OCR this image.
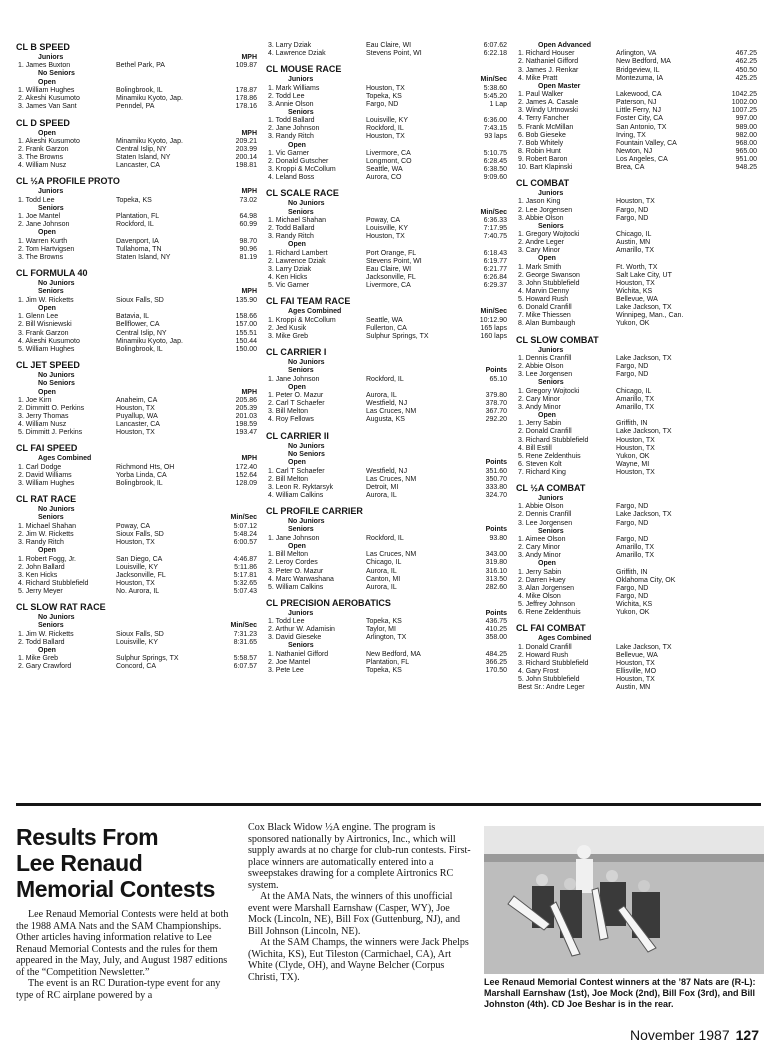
CL B SPEED
Juniors	MPH
1. James Buxton	Bethel Park, PA	109.87
No Seniors
Open
1. William Hughes	Bolingbrook, IL	178.87
2. Akeshi Kusumoto	Minamiku Kyoto, Jap.	178.86
3. James Van Sant	Penndel, PA	178.16
CL D SPEED
Open	MPH
1. Akeshi Kusumoto	Minamiku Kyoto, Jap.	209.21
2. Frank Garzon	Central Islip, NY	203.99
3. The Browns	Staten Island, NY	200.14
4. William Nusz	Lancaster, CA	198.81
CL ½A PROFILE PROTO
Juniors	MPH
1. Todd Lee	Topeka, KS	73.02
Seniors
1. Joe Mantel	Plantation, FL	64.98
2. Jane Johnson	Rockford, IL	60.99
Open
1. Warren Kurth	Davenport, IA	98.70
2. Tom Hartvigsen	Tullahoma, TN	90.96
3. The Browns	Staten Island, NY	81.19
CL FORMULA 40
No Juniors
Seniors	MPH
1. Jim W. Ricketts	Sioux Falls, SD	135.90
Open
1. Glenn Lee	Batavia, IL	158.66
2. Bill Wisniewski	Bellflower, CA	157.00
3. Frank Garzon	Central Islip, NY	155.51
4. Akeshi Kusumoto	Minamiku Kyoto, Jap.	150.44
5. William Hughes	Bolingbrook, IL	150.00
CL JET SPEED
No Juniors
No Seniors
Open	MPH
1. Joe Kirn	Anaheim, CA	205.86
2. Dimmitt O. Perkins	Houston, TX	205.39
3. Jerry Thomas	Puyallup, WA	201.03
4. William Nusz	Lancaster, CA	198.59
5. Dimmitt J. Perkins	Houston, TX	193.47
CL FAI SPEED
Ages Combined	MPH
1. Carl Dodge	Richmond Hts, OH	172.40
2. David Williams	Yorba Linda, CA	152.64
3. William Hughes	Bolingbrook, IL	128.09
CL RAT RACE
No Juniors
Seniors	Min/Sec
1. Michael Shahan	Poway, CA	5:07.12
2. Jim W. Ricketts	Sioux Falls, SD	5:48.24
3. Randy Ritch	Houston, TX	6:00.57
Open
1. Robert Fogg, Jr.	San Diego, CA	4:46.87
2. John Ballard	Louisville, KY	5:11.86
3. Ken Hicks	Jacksonville, FL	5:17.81
4. Richard Stubblefield	Houston, TX	5:32.65
5. Jerry Meyer	No. Aurora, IL	5:07.43
CL SLOW RAT RACE
No Juniors
Seniors	Min/Sec
1. Jim W. Ricketts	Sioux Falls, SD	7:31.23
2. Todd Ballard	Louisville, KY	8:31.65
Open
1. Mike Greb	Sulphur Springs, TX	5:58.57
2. Gary Crawford	Concord, CA	6:07.57
3. Larry Dziak	Eau Claire, WI	6:07.62
4. Lawrence Dziak	Stevens Point, WI	6:22.18
CL MOUSE RACE
Juniors	Min/Sec
1. Mark Williams	Houston, TX	5:38.60
2. Todd Lee	Topeka, KS	5:45.20
3. Annie Olson	Fargo, ND	1 Lap
Seniors
1. Todd Ballard	Louisville, KY	6:36.00
2. Jane Johnson	Rockford, IL	7:43.15
3. Randy Ritch	Houston, TX	93 laps
Open
1. Vic Garner	Livermore, CA	5:10.75
2. Donald Gutscher	Longmont, CO	6:28.45
3. Kroppi & McCollum	Seattle, WA	6:38.50
4. Leland Boss	Aurora, CO	9:09.60
CL SCALE RACE
No Juniors
Seniors	Min/Sec
1. Michael Shahan	Poway, CA	6:36.33
2. Todd Ballard	Louisville, KY	7:17.95
3. Randy Ritch	Houston, TX	7:40.75
Open
1. Richard Lambert	Port Orange, FL	6:18.43
2. Lawrence Dziak	Stevens Point, WI	6:19.77
3. Larry Dziak	Eau Claire, WI	6:21.77
4. Ken Hicks	Jacksonville, FL	6:26.84
5. Vic Garner	Livermore, CA	6:29.37
CL FAI TEAM RACE
Ages Combined	Min/Sec
1. Kroppi & McCollum	Seattle, WA	10:12.90
2. Jed Kusik	Fullerton, CA	165 laps
3. Mike Greb	Sulphur Springs, TX	160 laps
CL CARRIER I
No Juniors
Seniors	Points
1. Jane Johnson	Rockford, IL	65.10
Open
1. Peter O. Mazur	Aurora, IL	379.80
2. Carl T Schaefer	Westfield, NJ	378.70
3. Bill Melton	Las Cruces, NM	367.70
4. Roy Fellows	Augusta, KS	292.20
CL CARRIER II
No Juniors
No Seniors
Open	Points
1. Carl T Schaefer	Westfield, NJ	351.60
2. Bill Melton	Las Cruces, NM	350.70
3. Leon R. Ryktarsyk	Detroit, MI	333.80
4. William Calkins	Aurora, IL	324.70
CL PROFILE CARRIER
No Juniors
Seniors	Points
1. Jane Johnson	Rockford, IL	93.80
Open
1. Bill Melton	Las Cruces, NM	343.00
2. Leroy Cordes	Chicago, IL	319.80
3. Peter O. Mazur	Aurora, IL	316.10
4. Marc Warwashana	Canton, MI	313.50
5. William Calkins	Aurora, IL	282.60
CL PRECISION AEROBATICS
Juniors	Points
1. Todd Lee	Topeka, KS	436.75
2. Arthur W. Adamisin	Taylor, MI	410.25
3. David Gieseke	Arlington, TX	358.00
Seniors
1. Nathaniel Gifford	New Bedford, MA	484.25
2. Joe Mantel	Plantation, FL	366.25
3. Pete Lee	Topeka, KS	170.50
Open Advanced
1. Richard Houser	Arlington, VA	467.25
2. Nathaniel Gifford	New Bedford, MA	462.25
3. James J. Renkar	Bridgeview, IL	450.50
4. Mike Pratt	Montezuma, IA	425.25
Open Master
1. Paul Walker	Lakewood, CA	1042.25
2. James A. Casale	Paterson, NJ	1002.00
3. Windy Urtnowski	Little Ferry, NJ	1007.25
4. Terry Fancher	Foster City, CA	997.00
5. Frank McMillan	San Antonio, TX	989.00
6. Bob Gieseke	Irving, TX	982.00
7. Bob Whitely	Fountain Valley, CA	968.00
8. Robin Hunt	Newton, NJ	965.00
9. Robert Baron	Los Angeles, CA	951.00
10. Bart Klapinski	Brea, CA	948.25
CL COMBAT
Juniors
1. Jason King	Houston, TX
2. Lee Jorgensen	Fargo, ND
3. Abbie Olson	Fargo, ND
Seniors
1. Gregory Wojtocki	Chicago, IL
2. Andre Leger	Austin, MN
3. Cary Minor	Amarillo, TX
Open
1. Mark Smith	Ft. Worth, TX
2. George Swanson	Salt Lake City, UT
3. John Stubblefield	Houston, TX
4. Marvin Denny	Wichita, KS
5. Howard Rush	Bellevue, WA
6. Donald Cranfill	Lake Jackson, TX
7. Mike Thiessen	Winnipeg, Man., Can.
8. Alan Bumbaugh	Yukon, OK
CL SLOW COMBAT
Juniors
1. Dennis Cranfill	Lake Jackson, TX
2. Abbie Olson	Fargo, ND
3. Lee Jorgensen	Fargo, ND
Seniors
1. Gregory Wojtocki	Chicago, IL
2. Cary Minor	Amarillo, TX
3. Andy Minor	Amarillo, TX
Open
1. Jerry Sabin	Griffith, IN
2. Donald Cranfill	Lake Jackson, TX
3. Richard Stubblefield	Houston, TX
4. Bill Estill	Houston, TX
5. Rene Zeldenthuis	Yukon, OK
6. Steven Kolt	Wayne, MI
7. Richard King	Houston, TX
CL ½A COMBAT
Juniors
1. Abbie Olson	Fargo, ND
2. Dennis Cranfill	Lake Jackson, TX
3. Lee Jorgensen	Fargo, ND
Seniors
1. Aimee Olson	Fargo, ND
2. Cary Minor	Amarillo, TX
3. Andy Minor	Amarillo, TX
Open
1. Jerry Sabin	Griffith, IN
2. Darren Huey	Oklahoma City, OK
3. Alan Jorgensen	Fargo, ND
4. Mike Olson	Fargo, ND
5. Jeffrey Johnson	Wichita, KS
6. Rene Zeldenthuis	Yukon, OK
CL FAI COMBAT
Ages Combined
1. Donald Cranfill	Lake Jackson, TX
2. Howard Rush	Bellevue, WA
3. Richard Stubblefield	Houston, TX
4. Gary Frost	Ellisville, MO
5. John Stubblefield	Houston, TX
Best Sr.: Andre Leger	Austin, MN
Results From
Lee Renaud
Memorial Contests

Lee Renaud Memorial Contests were held at both the 1988 AMA Nats and the SAM Championships. Other articles having information relative to Lee Renaud Memorial Contests and the rules for them appeared in the May, July, and August 1987 editions of the “Competition Newsletter.”

The event is an RC Duration-type event for any type of RC airplane powered by a

Cox Black Widow ½A engine. The program is sponsored nationally by Airtronics, Inc., which will supply awards at no charge for club-run contests. First-place winners are automatically entered into a sweepstakes drawing for a complete Airtronics RC system.

At the AMA Nats, the winners of this unofficial event were Marshall Earnshaw (Casper, WY), Joe Mock (Lincoln, NE), Bill Fox (Guttenburg, NJ), and Bill Johnson (Lincoln, NE).

At the SAM Champs, the winners were Jack Phelps (Wichita, KS), Eut Tileston (Carmichael, CA), Art White (Clyde, OH), and Wayne Belcher (Corpus Christi, TX).	Lee Renaud Memorial Contest winners at the ’87 Nats are (R-L): Marshall Earnshaw (1st), Joe Mock (2nd), Bill Fox (3rd), and Bill Johnston (4th). CD Joe Beshar is in the rear.
November 1987 127
